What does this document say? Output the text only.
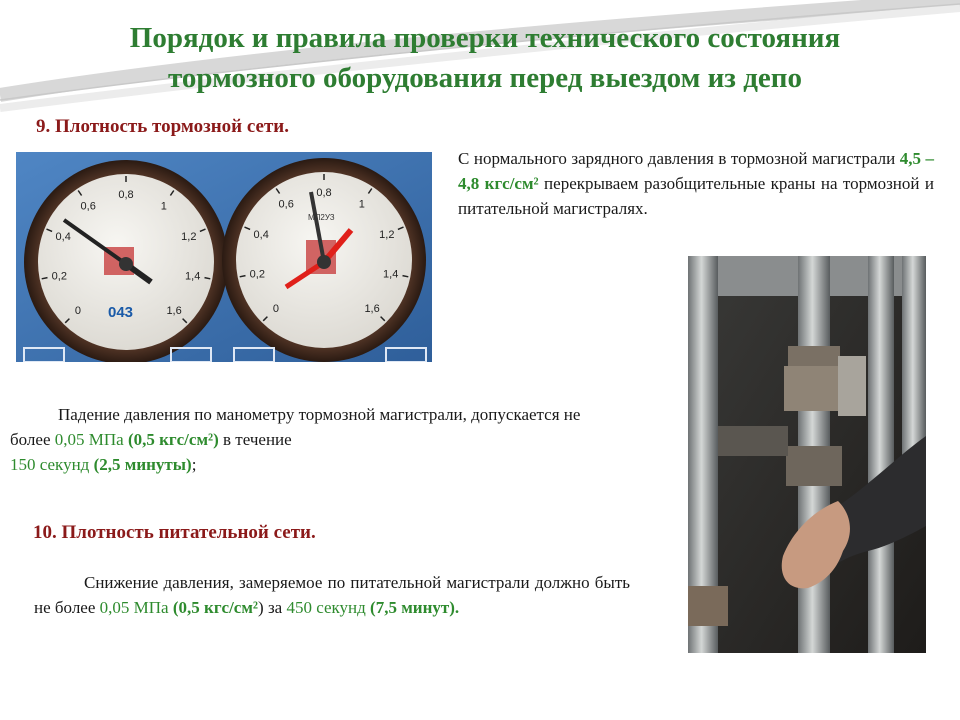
Порядок и правила проверки технического состояния
тормозного оборудования перед выездом из депо
9. Плотность тормозной сети.
0
0,2
0,4
0,6
0,8
1
1,2
1,4
1,6
043	0
0,2
0,4
0,6
0,8
1
1,2
1,4
1,6
МП2УЗ
С нормального зарядного давления в тормозной магистрали 4,5 – 4,8 кгс/см² перекрываем разобщительные краны на тормозной и питательной магистралях.
Падение давления по манометру тормозной магистрали, допускается не более 0,05 МПа (0,5 кгс/см²) в течение
150 секунд (2,5 минуты);
10. Плотность питательной сети.
Снижение давления, замеряемое по питательной магистрали должно быть не более 0,05 МПа (0,5 кгс/см²) за 450 секунд (7,5 минут).
